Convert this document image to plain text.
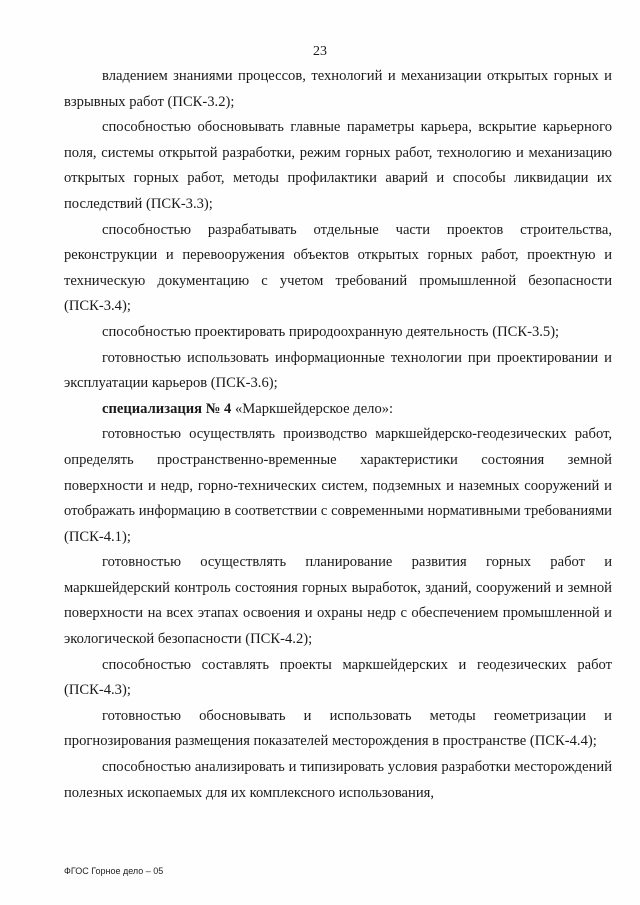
23

владением знаниями процессов, технологий и механизации открытых горных и взрывных работ (ПСК-3.2);

способностью обосновывать главные параметры карьера, вскрытие карьерного поля, системы открытой разработки, режим горных работ, технологию и механизацию открытых горных работ, методы профилактики аварий и способы ликвидации их последствий (ПСК-3.3);

способностью разрабатывать отдельные части проектов строительства, реконструкции и перевооружения объектов открытых горных работ, проектную и техническую документацию с учетом требований промышленной безопасности (ПСК-3.4);

способностью проектировать природоохранную деятельность (ПСК-3.5);

готовностью использовать информационные технологии при проектировании и эксплуатации карьеров (ПСК-3.6);

специализация № 4 «Маркшейдерское дело»:

готовностью осуществлять производство маркшейдерско-геодезических работ, определять пространственно-временные характеристики состояния земной поверхности и недр, горно-технических систем, подземных и наземных сооружений и отображать информацию в соответствии с современными нормативными требованиями (ПСК-4.1);

готовностью осуществлять планирование развития горных работ и маркшейдерский контроль состояния горных выработок, зданий, сооружений и земной поверхности на всех этапах освоения и охраны недр с обеспечением промышленной и экологической безопасности (ПСК-4.2);

способностью составлять проекты маркшейдерских и геодезических работ (ПСК-4.3);

готовностью обосновывать и использовать методы геометризации и прогнозирования размещения показателей месторождения в пространстве (ПСК-4.4);

способностью анализировать и типизировать условия разработки месторождений полезных ископаемых для их комплексного использования,

ФГОС Горное дело – 05
